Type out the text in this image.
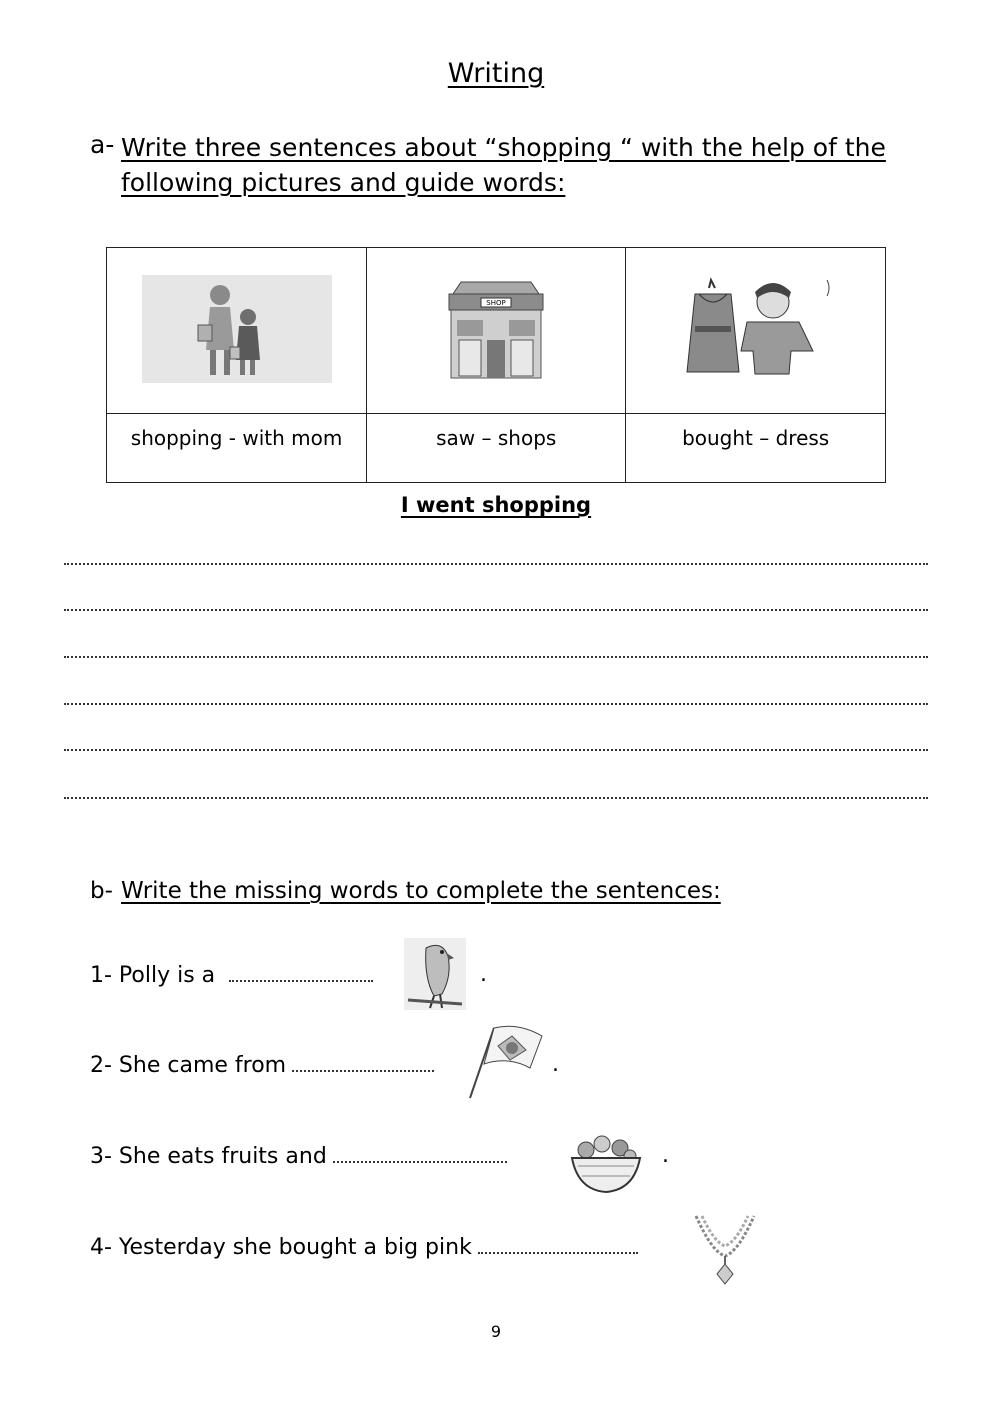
Writing
a- Write three sentences about “shopping “ with the help of the following pictures and guide words:

SHOP

shopping - with mom	saw – shops	bought – dress
I went shopping
b- Write the missing words to complete the sentences:
1- Polly is a	.
2- She came from	.
3- She eats fruits and	.
4- Yesterday she bought a big pink
9
